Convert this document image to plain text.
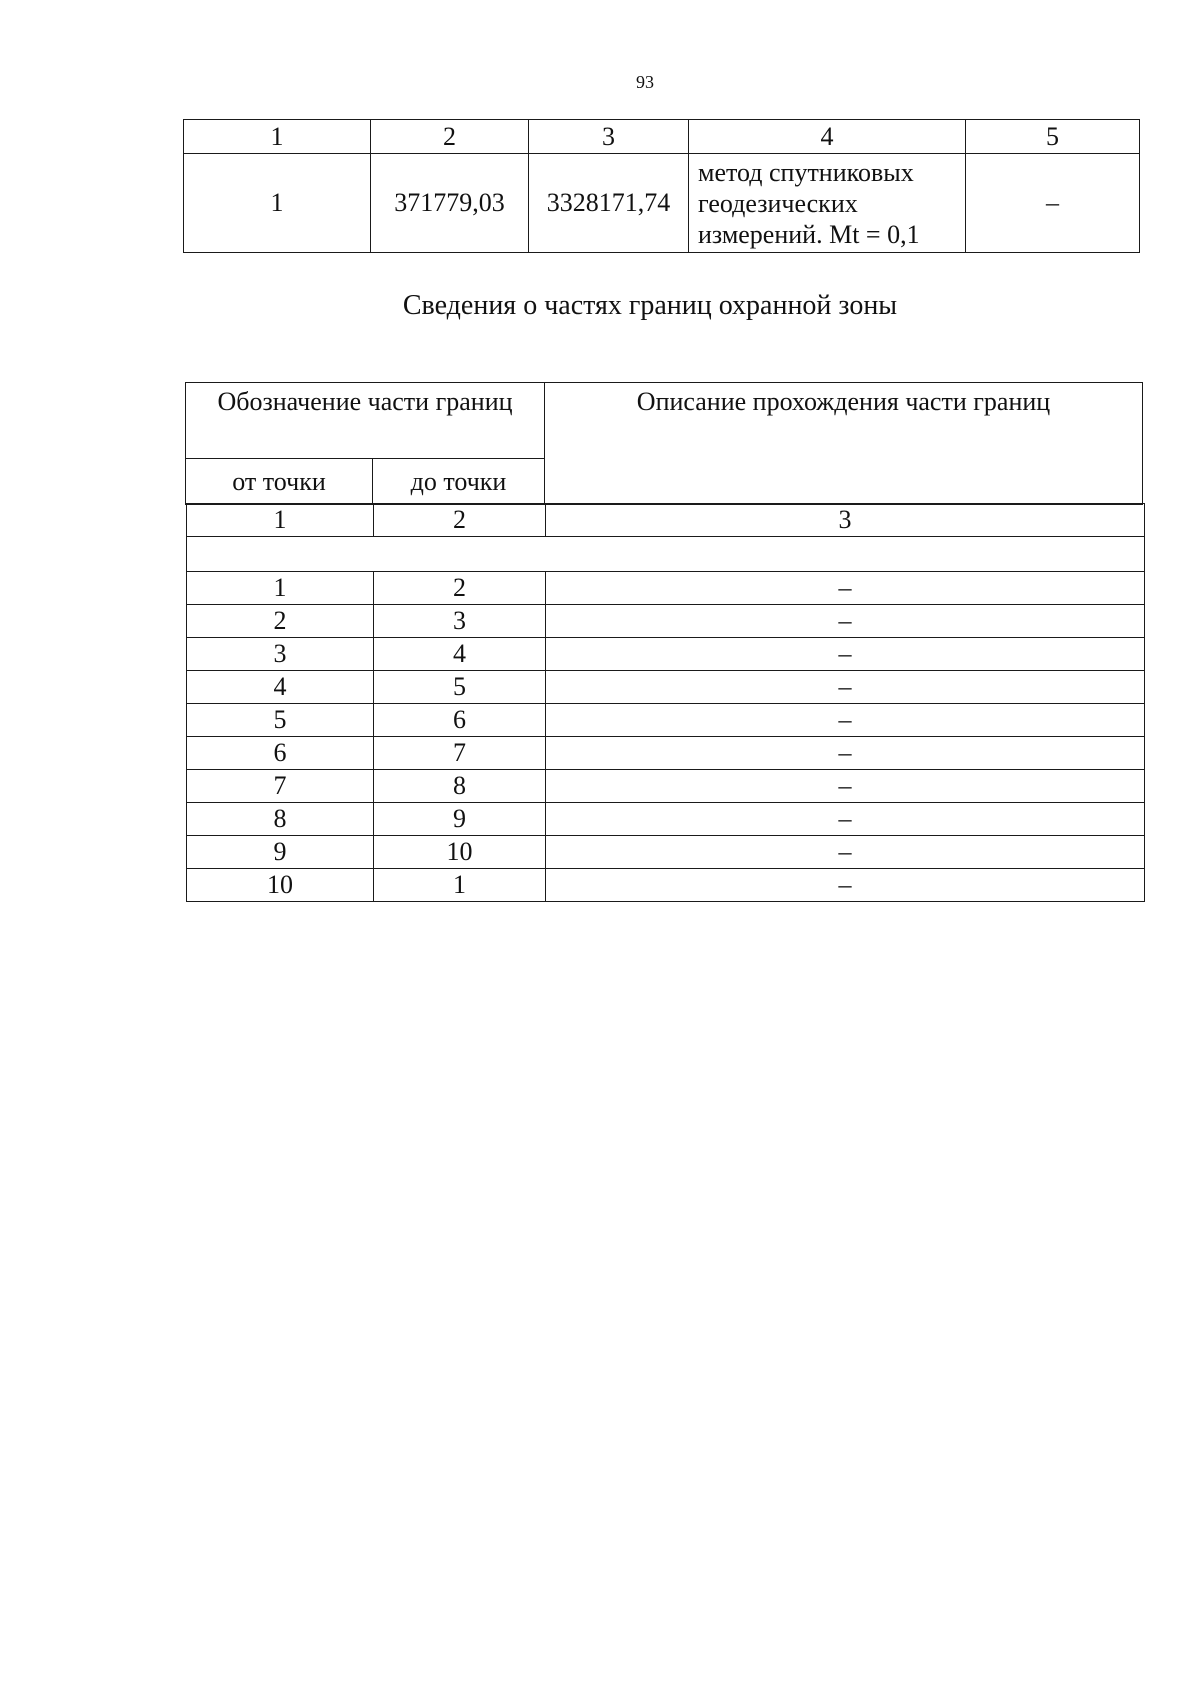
93
1	2	3	4	5
1	371779,03	3328171,74	метод спутниковых
геодезических
измерений. Mt = 0,1	–
Сведения о частях границ охранной зоны
Обозначение части границ		Описание прохождения части границ
от точки	до точки	
1	2	3

1	2	–
2	3	–
3	4	–
4	5	–
5	6	–
6	7	–
7	8	–
8	9	–
9	10	–
10	1	–
